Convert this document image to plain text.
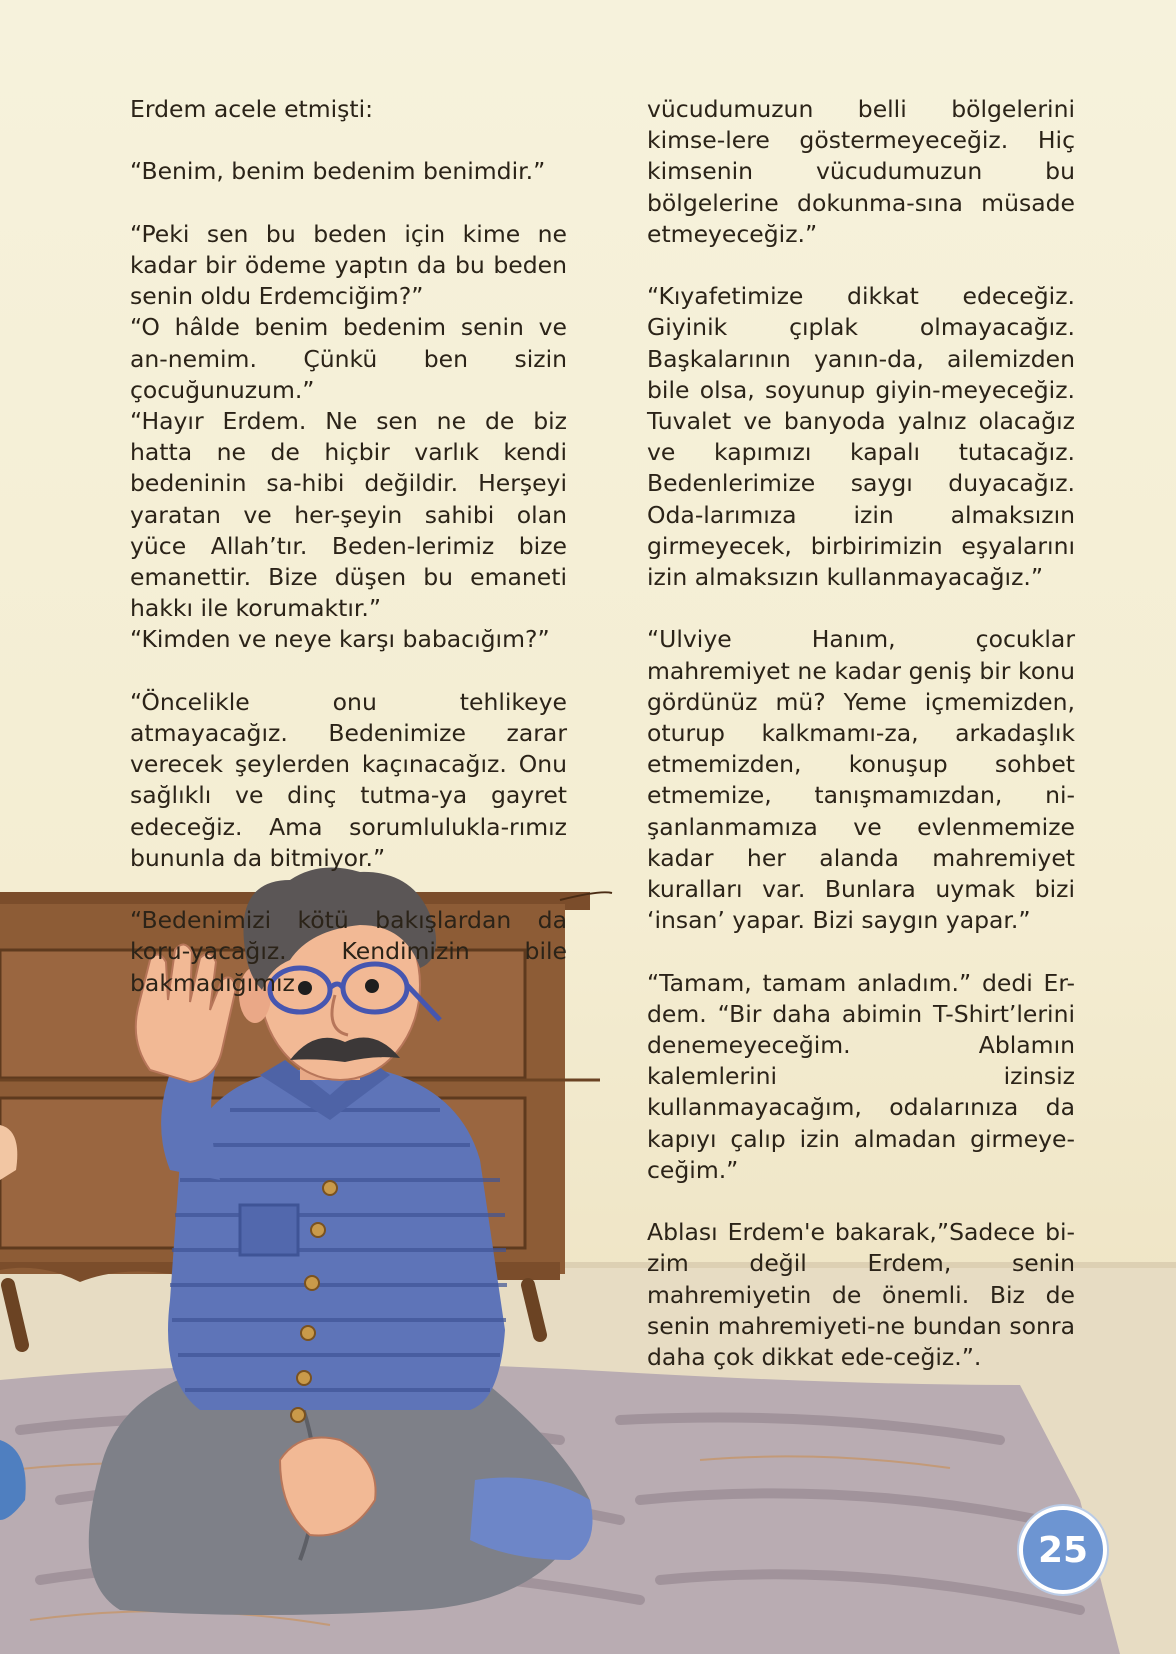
Erdem acele etmişti:

“Benim, benim bedenim benimdir.”

“Peki sen bu beden için kime ne kadar bir ödeme yaptın da bu beden senin oldu Erdemciğim?”

“O hâlde benim bedenim senin ve an-nemim. Çünkü ben sizin çocuğunuzum.”

“Hayır Erdem. Ne sen ne de biz hatta ne de hiçbir varlık kendi bedeninin sa-hibi değildir. Herşeyi yaratan ve her-şeyin sahibi olan yüce Allah’tır. Beden-lerimiz bize emanettir. Bize düşen bu emaneti hakkı ile korumaktır.”

“Kimden ve neye karşı babacığım?”

“Öncelikle onu tehlikeye atmayacağız. Bedenimize zarar verecek şeylerden kaçınacağız. Onu sağlıklı ve dinç tutma-ya gayret edeceğiz. Ama sorumlulukla-rımız bununla da bitmiyor.”

“Bedenimizi kötü bakışlardan da koru-yacağız. Kendimizin bile bakmadığımız

vücudumuzun belli bölgelerini kimse-lere göstermeyeceğiz. Hiç kimsenin vücudumuzun bu bölgelerine dokunma-sına müsade etmeyeceğiz.”

“Kıyafetimize dikkat edeceğiz. Giyinik çıplak olmayacağız. Başkalarının yanın-da, ailemizden bile olsa, soyunup giyin-meyeceğiz. Tuvalet ve banyoda yalnız olacağız ve kapımızı kapalı tutacağız. Bedenlerimize saygı duyacağız. Oda-larımıza izin almaksızın girmeyecek, birbirimizin eşyalarını izin almaksızın kullanmayacağız.”

“Ulviye Hanım, çocuklar mahremiyet ne kadar geniş bir konu gördünüz mü? Yeme içmemizden, oturup kalkmamı-za, arkadaşlık etmemizden, konuşup sohbet etmemize, tanışmamızdan, ni-şanlanmamıza ve evlenmemize kadar her alanda mahremiyet kuralları var. Bunlara uymak bizi ‘insan’ yapar. Bizi saygın yapar.”

“Tamam, tamam anladım.” dedi Er-dem. “Bir daha abimin T-Shirt’lerini denemeyeceğim. Ablamın kalemlerini izinsiz kullanmayacağım, odalarınıza da kapıyı çalıp izin almadan girmeye-ceğim.”

Ablası Erdem'e bakarak,”Sadece bi-zim değil Erdem, senin mahremiyetin de önemli. Biz de senin mahremiyeti-ne bundan sonra daha çok dikkat ede-ceğiz.”.

25
